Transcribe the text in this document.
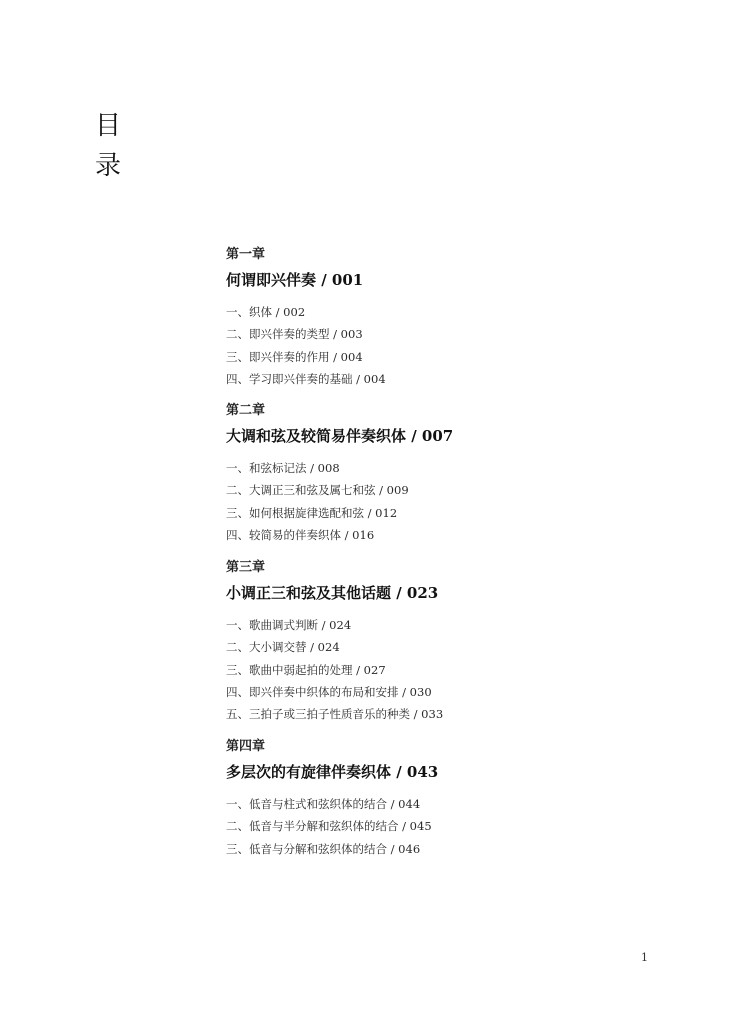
目
录
第一章
何谓即兴伴奏 / 001
一、织体 / 002
二、即兴伴奏的类型 / 003
三、即兴伴奏的作用 / 004
四、学习即兴伴奏的基础 / 004
第二章
大调和弦及较简易伴奏织体 / 007
一、和弦标记法 / 008
二、大调正三和弦及属七和弦 / 009
三、如何根据旋律选配和弦 / 012
四、较简易的伴奏织体 / 016
第三章
小调正三和弦及其他话题 / 023
一、歌曲调式判断 / 024
二、大小调交替 / 024
三、歌曲中弱起拍的处理 / 027
四、即兴伴奏中织体的布局和安排 / 030
五、三拍子或三拍子性质音乐的种类 / 033
第四章
多层次的有旋律伴奏织体 / 043
一、低音与柱式和弦织体的结合 / 044
二、低音与半分解和弦织体的结合 / 045
三、低音与分解和弦织体的结合 / 046
1
